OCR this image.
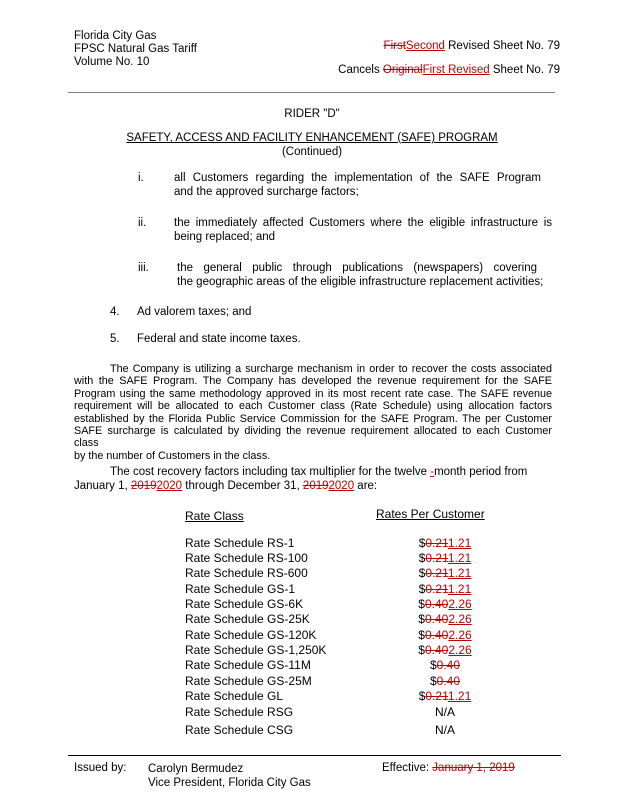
Florida City Gas
FPSC Natural Gas Tariff
Volume No. 10
FirstSecond Revised Sheet No. 79
Cancels OriginalFirst Revised Sheet No. 79
RIDER "D"
SAFETY, ACCESS AND FACILITY ENHANCEMENT (SAFE) PROGRAM
(Continued)
i.	all Customers regarding the implementation of the SAFE Program
and the approved surcharge factors;
ii. the immediately affected Customers where the eligible infrastructure is
being replaced; and
iii. the general public through publications (newspapers) covering
the geographic areas of the eligible infrastructure replacement activities;
4. Ad valorem taxes; and
5. Federal and state income taxes.
The Company is utilizing a surcharge mechanism in order to recover the costs associated
with the SAFE Program. The Company has developed the revenue requirement for the SAFE
Program using the same methodology approved in its most recent rate case. The SAFE revenue
requirement will be allocated to each Customer class (Rate Schedule) using allocation factors
established by the Florida Public Service Commission for the SAFE Program. The per Customer
SAFE surcharge is calculated by dividing the revenue requirement allocated to each Customer class
by the number of Customers in the class.
The cost recovery factors including tax multiplier for the twelve -month period from
January 1, 20192020 through December 31, 20192020 are:
Rate Class	Rates Per Customer
Rate Schedule RS-1	$0.211.21
Rate Schedule RS-100	$0.211.21
Rate Schedule RS-600	$0.211.21
Rate Schedule GS-1	$0.211.21
Rate Schedule GS-6K	$0.402.26
Rate Schedule GS-25K	$0.402.26
Rate Schedule GS-120K	$0.402.26
Rate Schedule GS-1,250K	$0.402.26
Rate Schedule GS-11M	$0.40
Rate Schedule GS-25M	$0.40
Rate Schedule GL	$0.211.21
Rate Schedule RSG	N/A
Rate Schedule CSG	N/A
Issued by: Carolyn Bermudez
Vice President, Florida City Gas
Effective: January 1, 2019
